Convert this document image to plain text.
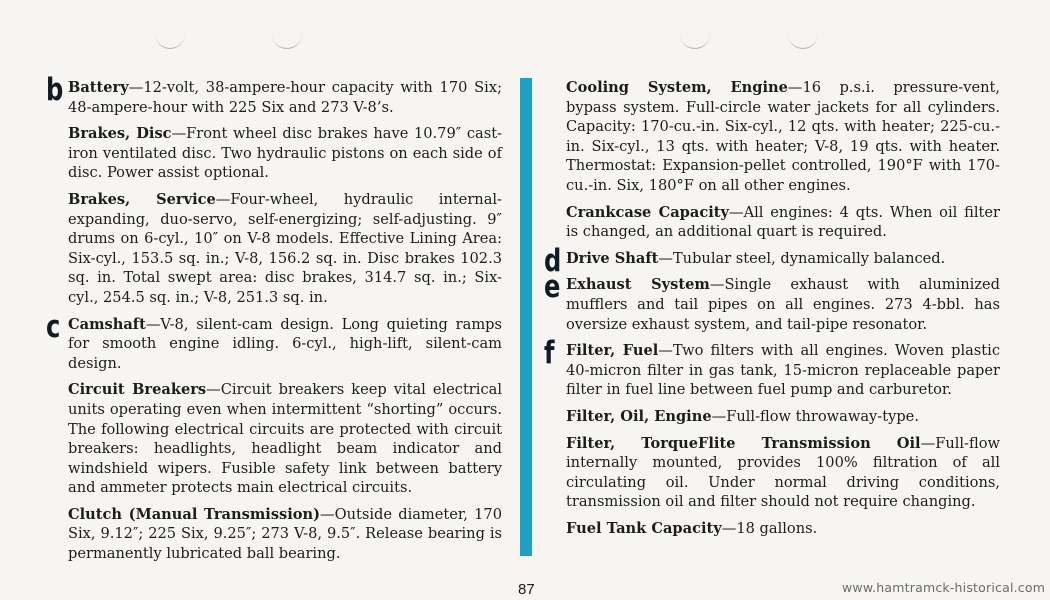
b Battery—12-volt, 38-ampere-hour capacity with 170 Six; 48-ampere-hour with 225 Six and 273 V-8’s.

Brakes, Disc—Front wheel disc brakes have 10.79″ cast-iron ventilated disc. Two hydraulic pistons on each side of disc. Power assist optional.

Brakes, Service—Four-wheel, hydraulic internal-expanding, duo-servo, self-energizing; self-adjusting. 9″ drums on 6-cyl., 10″ on V-8 models. Effective Lining Area: Six-cyl., 153.5 sq. in.; V-8, 156.2 sq. in. Disc brakes 102.3 sq. in. Total swept area: disc brakes, 314.7 sq. in.; Six-cyl., 254.5 sq. in.; V-8, 251.3 sq. in.

c Camshaft—V-8, silent-cam design. Long quieting ramps for smooth engine idling. 6-cyl., high-lift, silent-cam design.

Circuit Breakers—Circuit breakers keep vital electrical units operating even when intermittent “shorting” occurs. The following electrical circuits are protected with circuit breakers: headlights, headlight beam indicator and windshield wipers. Fusible safety link between battery and ammeter protects main electrical circuits.

Clutch (Manual Transmission)—Outside diameter, 170 Six, 9.12″; 225 Six, 9.25″; 273 V-8, 9.5″. Release bearing is permanently lubricated ball bearing.

Cooling System, Engine—16 p.s.i. pressure-vent, bypass system. Full-circle water jackets for all cylinders. Capacity: 170-cu.-in. Six-cyl., 12 qts. with heater; 225-cu.-in. Six-cyl., 13 qts. with heater; V-8, 19 qts. with heater. Thermostat: Expansion-pellet controlled, 190°F with 170-cu.-in. Six, 180°F on all other engines.

Crankcase Capacity—All engines: 4 qts. When oil filter is changed, an additional quart is required.

d Drive Shaft—Tubular steel, dynamically balanced.

e Exhaust System—Single exhaust with aluminized mufflers and tail pipes on all engines. 273 4-bbl. has oversize exhaust system, and tail-pipe resonator.

f Filter, Fuel—Two filters with all engines. Woven plastic 40-micron filter in gas tank, 15-micron replaceable paper filter in fuel line between fuel pump and carburetor.

Filter, Oil, Engine—Full-flow throwaway-type.

Filter, TorqueFlite Transmission Oil—Full-flow internally mounted, provides 100% filtration of all circulating oil. Under normal driving conditions, transmission oil and filter should not require changing.

Fuel Tank Capacity—18 gallons.

87	www.hamtramck-historical.com
